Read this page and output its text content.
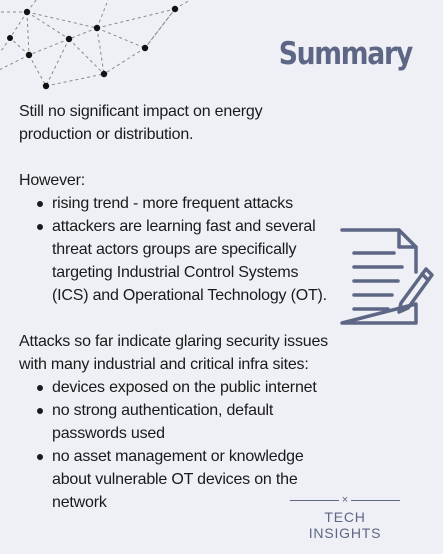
Summary

Still no significant impact on energy production or distribution.

However:

rising trend - more frequent attacks
attackers are learning fast and several threat actors groups are specifically targeting Industrial Control Systems (ICS) and Operational Technology (OT).

Attacks so far indicate glaring security issues with many industrial and critical infra sites:

devices exposed on the public internet
no strong authentication, default passwords used
no asset management or knowledge about vulnerable OT devices on the network	×
TECH INSIGHTS
